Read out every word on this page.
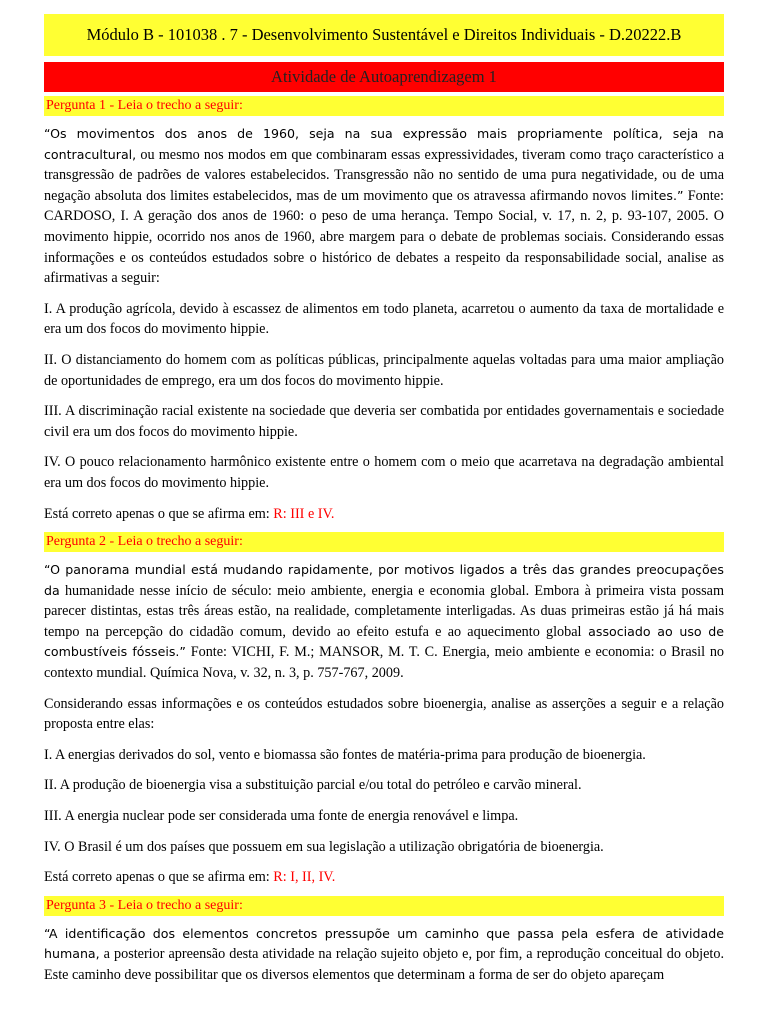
Módulo B - 101038 . 7 - Desenvolvimento Sustentável e Direitos Individuais - D.20222.B
Atividade de Autoaprendizagem 1
Pergunta 1 - Leia o trecho a seguir:

“Os movimentos dos anos de 1960, seja na sua expressão mais propriamente política, seja na contracultural, ou mesmo nos modos em que combinaram essas expressividades, tiveram como traço característico a transgressão de padrões de valores estabelecidos. Transgressão não no sentido de uma pura negatividade, ou de uma negação absoluta dos limites estabelecidos, mas de um movimento que os atravessa afirmando novos limites.” Fonte: CARDOSO, I. A geração dos anos de 1960: o peso de uma herança. Tempo Social, v. 17, n. 2, p. 93-107, 2005. O movimento hippie, ocorrido nos anos de 1960, abre margem para o debate de problemas sociais. Considerando essas informações e os conteúdos estudados sobre o histórico de debates a respeito da responsabilidade social, analise as afirmativas a seguir:

I. A produção agrícola, devido à escassez de alimentos em todo planeta, acarretou o aumento da taxa de mortalidade e era um dos focos do movimento hippie.

II. O distanciamento do homem com as políticas públicas, principalmente aquelas voltadas para uma maior ampliação de oportunidades de emprego, era um dos focos do movimento hippie.

III. A discriminação racial existente na sociedade que deveria ser combatida por entidades governamentais e sociedade civil era um dos focos do movimento hippie.

IV. O pouco relacionamento harmônico existente entre o homem com o meio que acarretava na degradação ambiental era um dos focos do movimento hippie.

Está correto apenas o que se afirma em: R: III e IV.

Pergunta 2 - Leia o trecho a seguir:

“O panorama mundial está mudando rapidamente, por motivos ligados a três das grandes preocupações da humanidade nesse início de século: meio ambiente, energia e economia global. Embora à primeira vista possam parecer distintas, estas três áreas estão, na realidade, completamente interligadas. As duas primeiras estão já há mais tempo na percepção do cidadão comum, devido ao efeito estufa e ao aquecimento global associado ao uso de combustíveis fósseis.” Fonte: VICHI, F. M.; MANSOR, M. T. C. Energia, meio ambiente e economia: o Brasil no contexto mundial. Química Nova, v. 32, n. 3, p. 757-767, 2009.

Considerando essas informações e os conteúdos estudados sobre bioenergia, analise as asserções a seguir e a relação proposta entre elas:

I. A energias derivados do sol, vento e biomassa são fontes de matéria-prima para produção de bioenergia.

II. A produção de bioenergia visa a substituição parcial e/ou total do petróleo e carvão mineral.

III. A energia nuclear pode ser considerada uma fonte de energia renovável e limpa.

IV. O Brasil é um dos países que possuem em sua legislação a utilização obrigatória de bioenergia.

Está correto apenas o que se afirma em: R: I, II, IV.

Pergunta 3 - Leia o trecho a seguir:

“A identificação dos elementos concretos pressupõe um caminho que passa pela esfera de atividade humana, a posterior apreensão desta atividade na relação sujeito objeto e, por fim, a reprodução conceitual do objeto. Este caminho deve possibilitar que os diversos elementos que determinam a forma de ser do objeto apareçam
